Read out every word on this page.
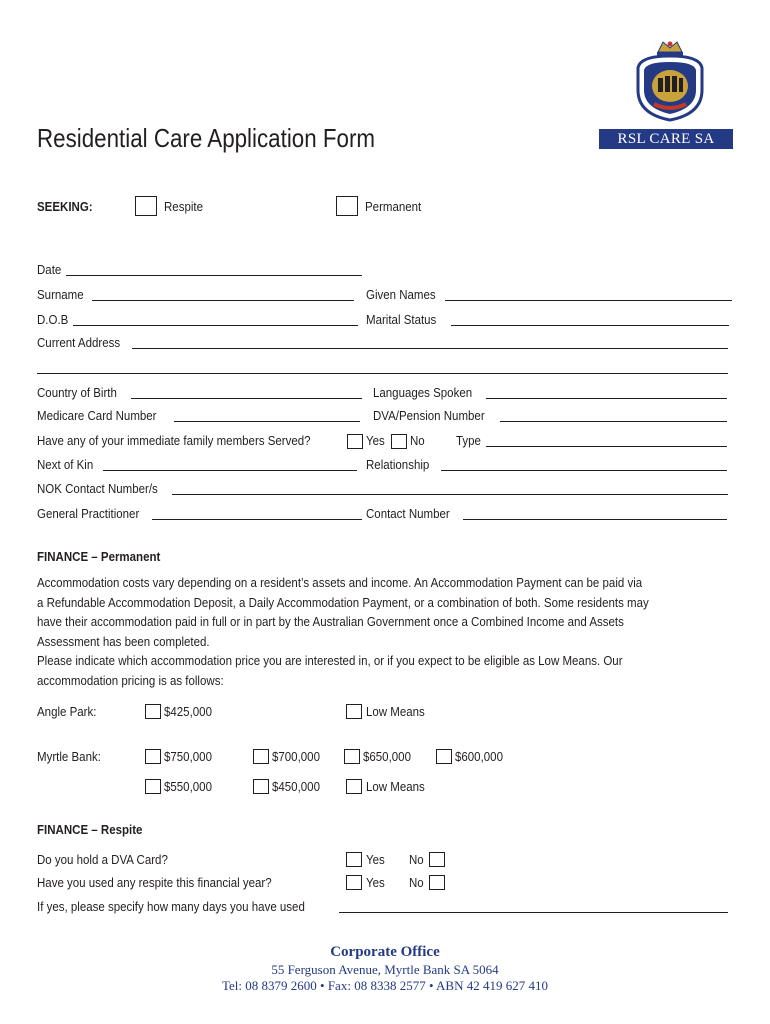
Residential Care Application Form	RSL CARE SA
SEEKING:	Respite	Permanent
Date
Surname	Given Names
D.O.B	Marital Status
Current Address
Country of Birth	Languages Spoken
Medicare Card Number	DVA/Pension Number
Have any of your immediate family members Served?	Yes No	Type
Next of Kin	Relationship
NOK Contact Number/s
General Practitioner	Contact Number
FINANCE – Permanent
Accommodation costs vary depending on a resident’s assets and income. An Accommodation Payment can be paid via
a Refundable Accommodation Deposit, a Daily Accommodation Payment, or a combination of both. Some residents may
have their accommodation paid in full or in part by the Australian Government once a Combined Income and Assets
Assessment has been completed.
Please indicate which accommodation price you are interested in, or if you expect to be eligible as Low Means. Our
accommodation pricing is as follows:
Angle Park:	$425,000	Low Means
Myrtle Bank:	$750,000	$700,000	$650,000	$600,000
$550,000	$450,000	Low Means
FINANCE – Respite
Do you hold a DVA Card?	Yes No
Have you used any respite this financial year?	Yes No
If yes, please specify how many days you have used
Corporate Office
55 Ferguson Avenue, Myrtle Bank SA 5064
Tel: 08 8379 2600 • Fax: 08 8338 2577 • ABN 42 419 627 410
